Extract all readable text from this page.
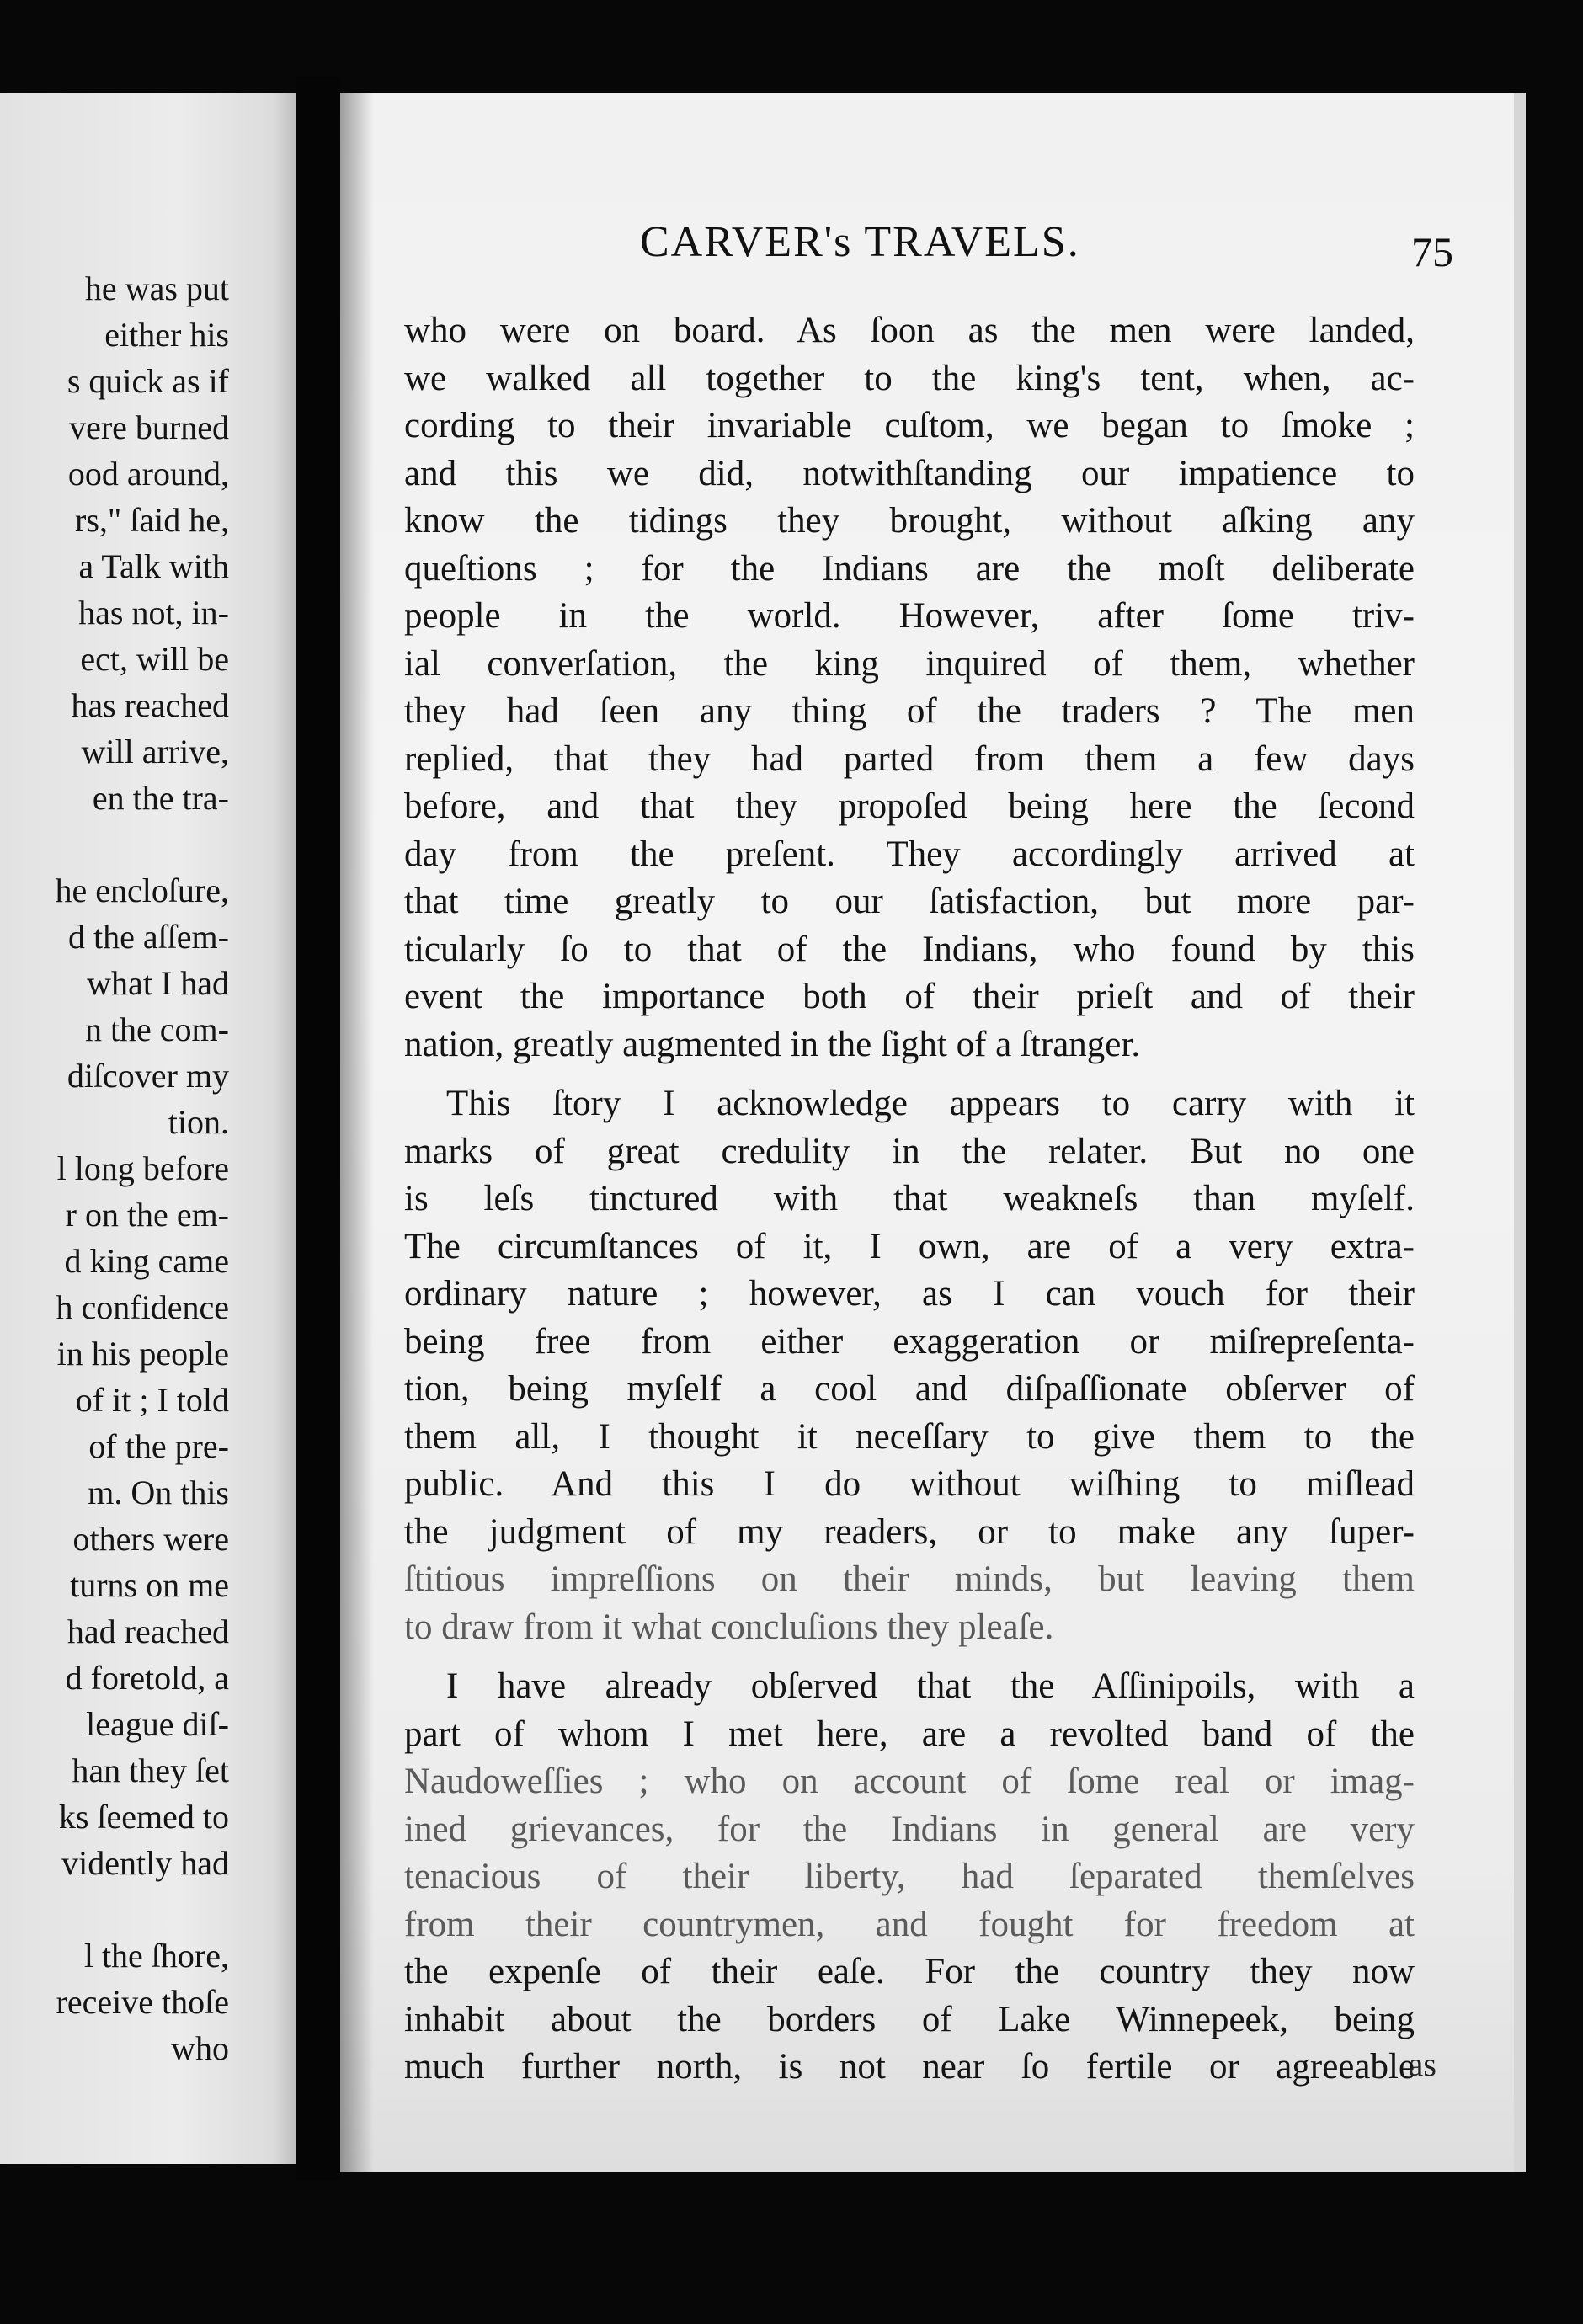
he was put
either his
s quick as if
vere burned
ood around,
rs," ſaid he,
a Talk with
has not, in-
ect, will be
has reached
will arrive,
en the tra-
he encloſure,
d the aſſem-
what I had
n the com-
diſcover my
tion.
l long before
r on the em-
d king came
h confidence
in his people
of it ; I told
of the pre-
m. On this
others were
turns on me
had reached
d foretold, a
league diſ-
han they ſet
ks ſeemed to
vidently had
l the ſhore,
receive thoſe
who
CARVER's TRAVELS.	75
who were on board. As ſoon as the men were landed,
we walked all together to the king's tent, when, ac-
cording to their invariable cuſtom, we began to ſmoke ;
and this we did, notwithſtanding our impatience to
know the tidings they brought, without aſking any
queſtions ; for the Indians are the moſt deliberate
people in the world. However, after ſome triv-
ial converſation, the king inquired of them, whether
they had ſeen any thing of the traders ? The men
replied, that they had parted from them a few days
before, and that they propoſed being here the ſecond
day from the preſent. They accordingly arrived at
that time greatly to our ſatisfaction, but more par-
ticularly ſo to that of the Indians, who found by this
event the importance both of their prieſt and of their
nation, greatly augmented in the ſight of a ſtranger.
This ſtory I acknowledge appears to carry with it
marks of great credulity in the relater. But no one
is leſs tinctured with that weakneſs than myſelf.
The circumſtances of it, I own, are of a very extra-
ordinary nature ; however, as I can vouch for their
being free from either exaggeration or miſrepreſenta-
tion, being myſelf a cool and diſpaſſionate obſerver of
them all, I thought it neceſſary to give them to the
public. And this I do without wiſhing to miſlead
the judgment of my readers, or to make any ſuper-
ſtitious impreſſions on their minds, but leaving them
to draw from it what concluſions they pleaſe.
I have already obſerved that the Aſſinipoils, with a
part of whom I met here, are a revolted band of the
Naudoweſſies ; who on account of ſome real or imag-
ined grievances, for the Indians in general are very
tenacious of their liberty, had ſeparated themſelves
from their countrymen, and fought for freedom at
the expenſe of their eaſe. For the country they now
inhabit about the borders of Lake Winnepeek, being
much further north, is not near ſo fertile or agreeable
as
